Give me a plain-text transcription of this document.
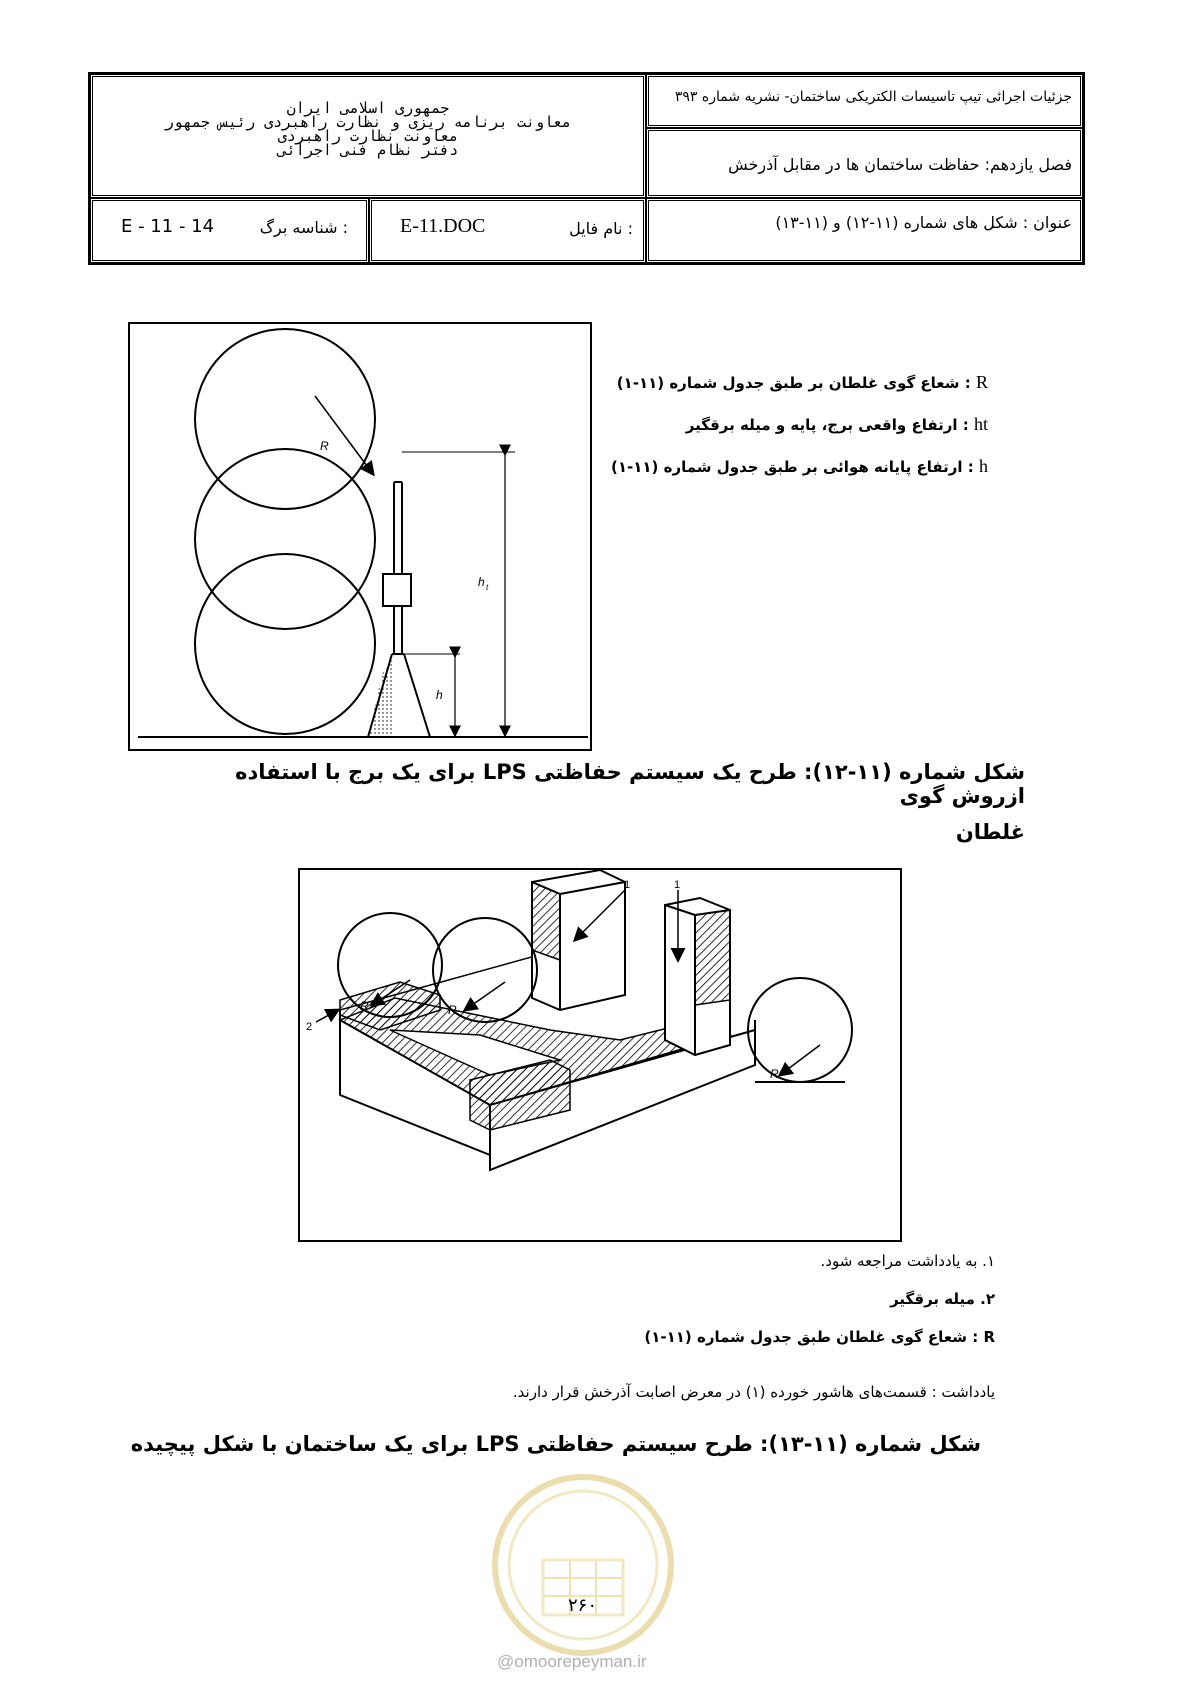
جزئیات اجرائی تیپ تاسیسات الکتریکی ساختمان- نشریه شماره ۳۹۳
فصل یازدهم: حفاظت ساختمان ها در مقابل آذرخش
عنوان : شکل های شماره (۱۱-۱۲) و (۱۱-۱۳)
جمهوری اسلامی ایران
معاونت برنامه ریزی و نظارت راهبردی رئیس جمهور
معاونت نظارت راهبردی
دفتر نظام فنی اجرائی
نام فایل :
E-11.DOC
شناسه برگ :
E - 11 - 14
R
h t
h
R : شعاع گوی غلطان بر طبق جدول شماره (۱۱-۱)
ht : ارتفاع واقعی برج، پایه و میله برقگیر
h : ارتفاع پایانه هوائی بر طبق جدول شماره (۱۱-۱)
شکل شماره (۱۱-۱۲): طرح یک سیستم حفاظتی LPS برای یک برج با استفاده ازروش گوی
غلطان
R	R
R
1	1
2
۱. به یادداشت مراجعه شود.
۲. میله برقگیر
R : شعاع گوی غلطان طبق جدول شماره (۱۱-۱)
یادداشت : قسمت‌های هاشور خورده (۱) در معرض اصابت آذرخش قرار دارند.
شکل شماره (۱۱-۱۳): طرح سیستم حفاظتی LPS برای یک ساختمان با شکل پیچیده
۲۶۰
@omoorepeyman.ir
